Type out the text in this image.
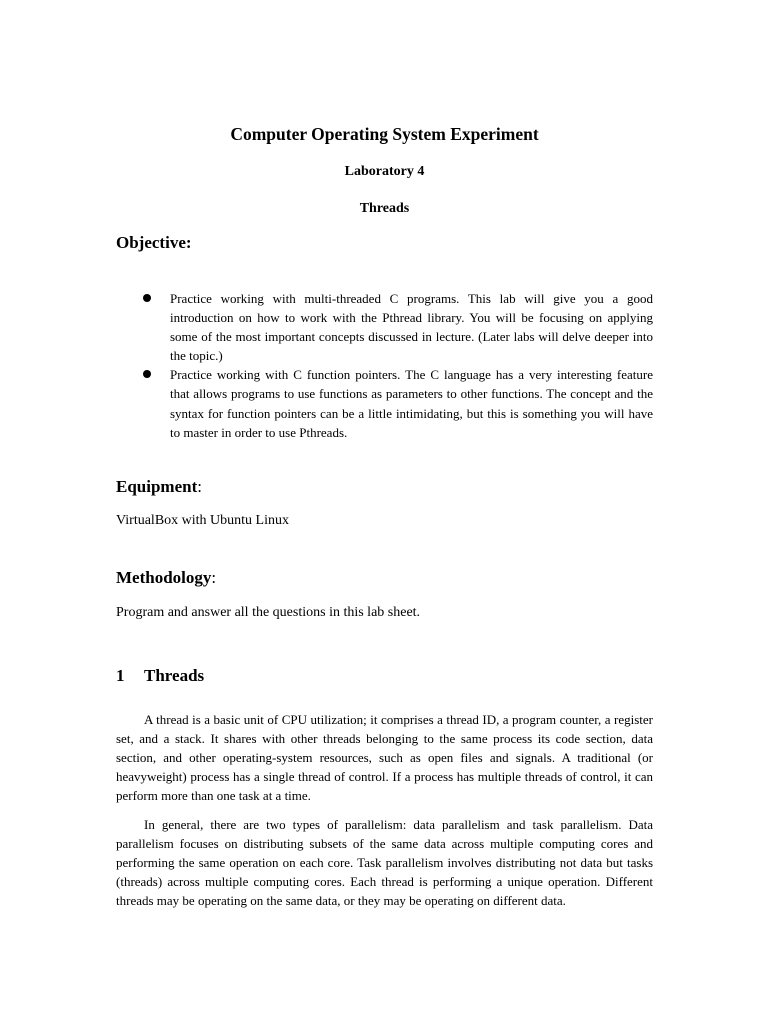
Computer Operating System Experiment
Laboratory 4
Threads
Objective:
Practice working with multi-threaded C programs. This lab will give you a good introduction on how to work with the Pthread library. You will be focusing on applying some of the most important concepts discussed in lecture. (Later labs will delve deeper into the topic.)
Practice working with C function pointers. The C language has a very interesting feature that allows programs to use functions as parameters to other functions. The concept and the syntax for function pointers can be a little intimidating, but this is something you will have to master in order to use Pthreads.
Equipment:
VirtualBox with Ubuntu Linux
Methodology:
Program and answer all the questions in this lab sheet.
1 Threads

A thread is a basic unit of CPU utilization; it comprises a thread ID, a program counter, a register set, and a stack. It shares with other threads belonging to the same process its code section, data section, and other operating-system resources, such as open files and signals. A traditional (or heavyweight) process has a single thread of control. If a process has multiple threads of control, it can perform more than one task at a time.

In general, there are two types of parallelism: data parallelism and task parallelism. Data parallelism focuses on distributing subsets of the same data across multiple computing cores and performing the same operation on each core. Task parallelism involves distributing not data but tasks (threads) across multiple computing cores. Each thread is performing a unique operation. Different threads may be operating on the same data, or they may be operating on different data.
